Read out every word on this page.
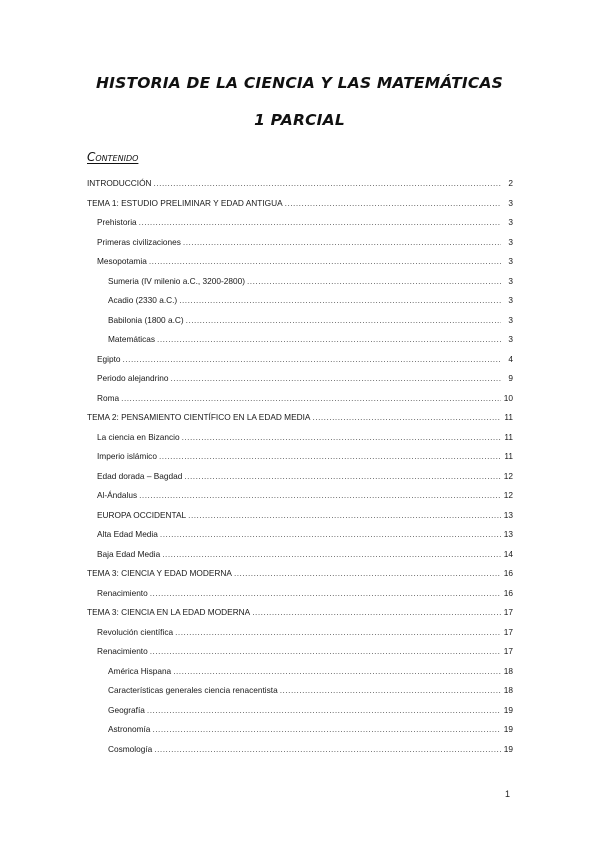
HISTORIA DE LA CIENCIA Y LAS MATEMÁTICAS
1 PARCIAL
Contenido
INTRODUCCIÓN .....	2
TEMA 1: ESTUDIO PRELIMINAR Y EDAD ANTIGUA .....	3
Prehistoria .....	3
Primeras civilizaciones .....	3
Mesopotamia .....	3
Sumeria (IV milenio a.C., 3200-2800) .....	3
Acadio (2330 a.C.) .....	3
Babilonia (1800 a.C) .....	3
Matemáticas .....	3
Egipto .....	4
Periodo alejandrino .....	9
Roma .....	10
TEMA 2: PENSAMIENTO CIENTÍFICO EN LA EDAD MEDIA .....	11
La ciencia en Bizancio .....	11
Imperio islámico .....	11
Edad dorada – Bagdad .....	12
Al-Ándalus .....	12
EUROPA OCCIDENTAL .....	13
Alta Edad Media .....	13
Baja Edad Media .....	14
TEMA 3: CIENCIA Y EDAD MODERNA .....	16
Renacimiento .....	16
TEMA 3: CIENCIA EN LA EDAD MODERNA .....	17
Revolución científica .....	17
Renacimiento .....	17
América Hispana .....	18
Características generales ciencia renacentista .....	18
Geografía .....	19
Astronomía .....	19
Cosmología .....	19
1
